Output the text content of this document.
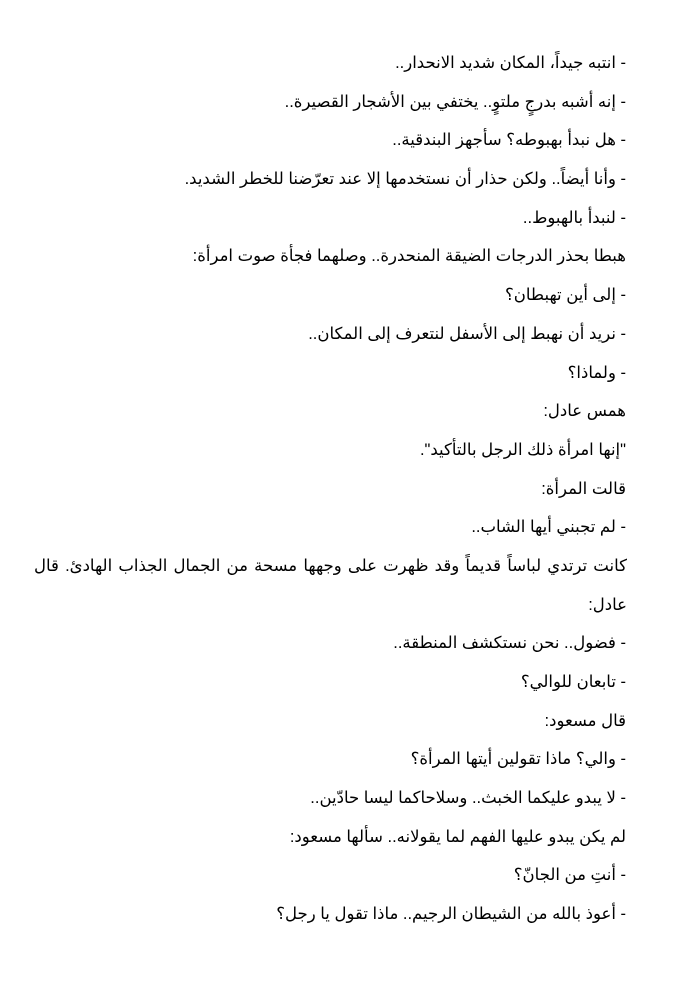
- انتبه جيداً، المكان شديد الانحدار..
- إنه أشبه بدرجٍ ملتوٍ.. يختفي بين الأشجار القصيرة..
- هل نبدأ بهبوطه؟ سأجهز البندقية..
- وأنا أيضاً.. ولكن حذار أن نستخدمها إلا عند تعرّضنا للخطر الشديد.
- لنبدأ بالهبوط..
هبطا بحذر الدرجات الضيقة المنحدرة.. وصلهما فجأة صوت امرأة:
- إلى أين تهبطان؟
- نريد أن نهبط إلى الأسفل لنتعرف إلى المكان..
- ولماذا؟
همس عادل:
"إنها امرأة ذلك الرجل بالتأكيد".
قالت المرأة:
- لم تجبني أيها الشاب..
كانت ترتدي لباساً قديماً وقد ظهرت على وجهها مسحة من الجمال الجذاب الهادئ. قال عادل:
- فضول.. نحن نستكشف المنطقة..
- تابعان للوالي؟
قال مسعود:
- والي؟ ماذا تقولين أيتها المرأة؟
- لا يبدو عليكما الخبث.. وسلاحاكما ليسا حادّين..
لم يكن يبدو عليها الفهم لما يقولانه.. سألها مسعود:
- أنتِ من الجانّ؟
- أعوذ بالله من الشيطان الرجيم.. ماذا تقول يا رجل؟
